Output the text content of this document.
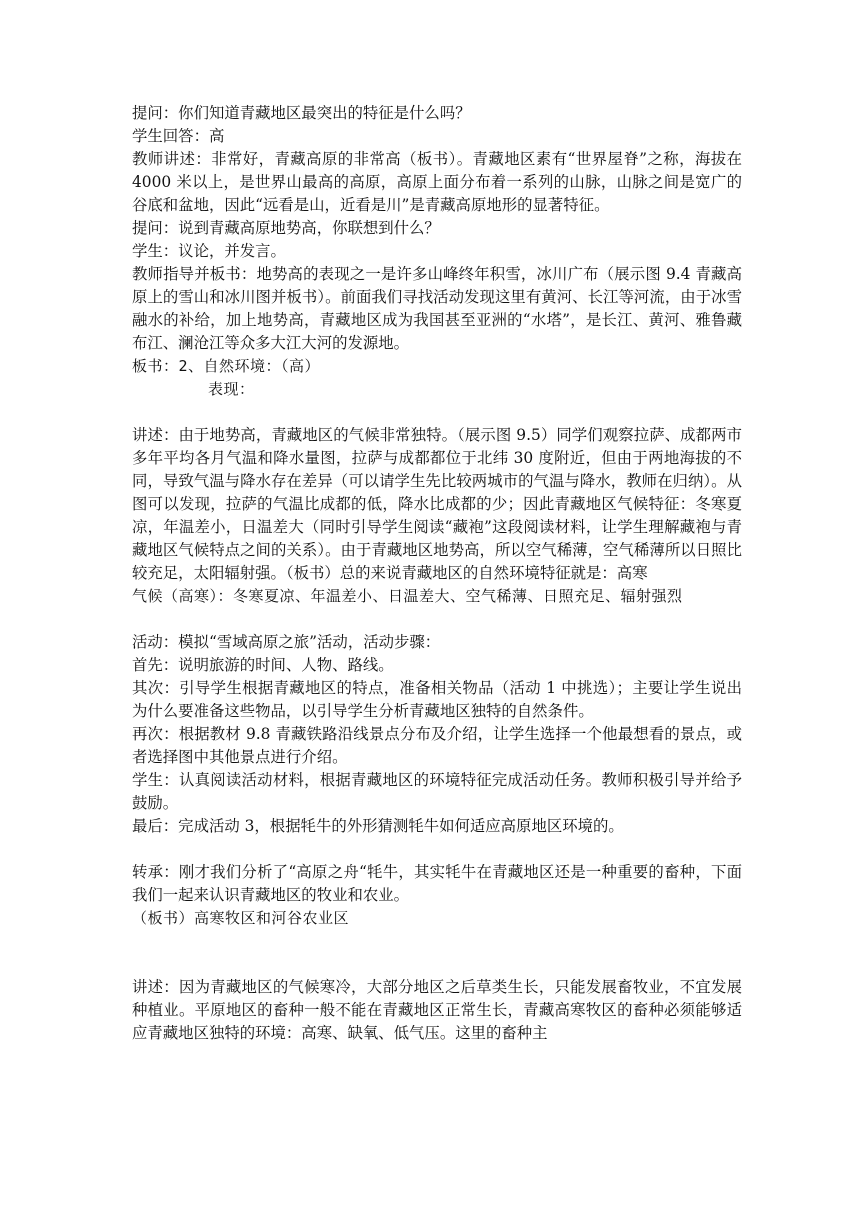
提问：你们知道青藏地区最突出的特征是什么吗？

学生回答：高

教师讲述：非常好，青藏高原的非常高（板书）。青藏地区素有“世界屋脊”之称，海拔在 4000 米以上，是世界山最高的高原，高原上面分布着一系列的山脉，山脉之间是宽广的谷底和盆地，因此“远看是山，近看是川”是青藏高原地形的显著特征。

提问：说到青藏高原地势高，你联想到什么？

学生：议论，并发言。

教师指导并板书：地势高的表现之一是许多山峰终年积雪，冰川广布（展示图 9.4 青藏高原上的雪山和冰川图并板书）。前面我们寻找活动发现这里有黄河、长江等河流，由于冰雪融水的补给，加上地势高，青藏地区成为我国甚至亚洲的“水塔”，是长江、黄河、雅鲁藏布江、澜沧江等众多大江大河的发源地。

板书：2、自然环境：（高）

表现：

讲述：由于地势高，青藏地区的气候非常独特。（展示图 9.5）同学们观察拉萨、成都两市多年平均各月气温和降水量图，拉萨与成都都位于北纬 30 度附近，但由于两地海拔的不同，导致气温与降水存在差异（可以请学生先比较两城市的气温与降水，教师在归纳）。从图可以发现，拉萨的气温比成都的低，降水比成都的少；因此青藏地区气候特征：冬寒夏凉，年温差小，日温差大（同时引导学生阅读“藏袍”这段阅读材料，让学生理解藏袍与青藏地区气候特点之间的关系）。由于青藏地区地势高，所以空气稀薄，空气稀薄所以日照比较充足，太阳辐射强。（板书）总的来说青藏地区的自然环境特征就是：高寒

气候（高寒）：冬寒夏凉、年温差小、日温差大、空气稀薄、日照充足、辐射强烈

活动：模拟“雪域高原之旅”活动，活动步骤：

首先：说明旅游的时间、人物、路线。

其次：引导学生根据青藏地区的特点，准备相关物品（活动 1 中挑选）；主要让学生说出为什么要准备这些物品，以引导学生分析青藏地区独特的自然条件。

再次：根据教材 9.8 青藏铁路沿线景点分布及介绍，让学生选择一个他最想看的景点，或者选择图中其他景点进行介绍。

学生：认真阅读活动材料，根据青藏地区的环境特征完成活动任务。教师积极引导并给予鼓励。

最后：完成活动 3，根据牦牛的外形猜测牦牛如何适应高原地区环境的。

转承：刚才我们分析了“高原之舟“牦牛，其实牦牛在青藏地区还是一种重要的畜种，下面我们一起来认识青藏地区的牧业和农业。

（板书）高寒牧区和河谷农业区

讲述：因为青藏地区的气候寒冷，大部分地区之后草类生长，只能发展畜牧业，不宜发展种植业。平原地区的畜种一般不能在青藏地区正常生长，青藏高寒牧区的畜种必须能够适应青藏地区独特的环境：高寒、缺氧、低气压。这里的畜种主
